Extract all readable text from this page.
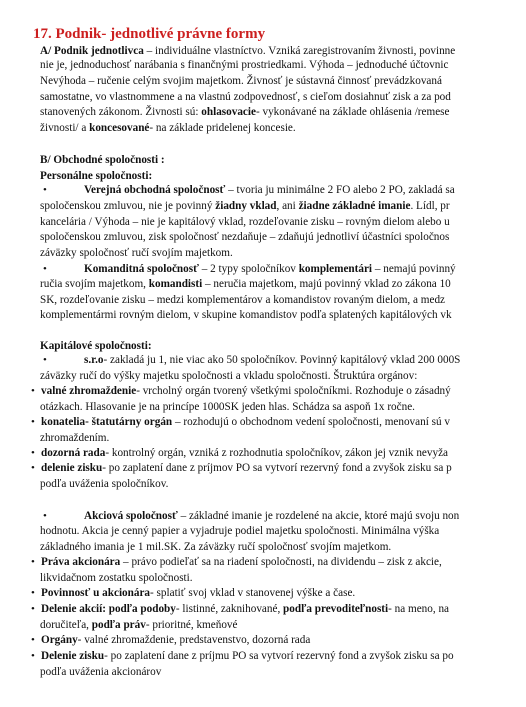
17. Podnik- jednotlivé právne formy
A/ Podnik jednotlivca – individuálne vlastníctvo. Vzniká zaregistrovaním živnosti, povinne
nie je, jednoduchosť narábania s finančnými prostriedkami. Výhoda – jednoduché účtovnic
Nevýhoda – ručenie celým svojim majetkom. Živnosť je sústavná činnosť prevádzkovaná
samostatne, vo vlastnommene a na vlastnú zodpovednosť, s cieľom dosiahnuť zisk a za pod
stanovených zákonom. Živnosti sú: ohlasovacie- vykonávané na základe ohlásenia /remese
živnosti/ a koncesované- na základe pridelenej koncesie.
B/ Obchodné spoločnosti :
Personálne spoločnosti:
•	Verejná obchodná spoločnosť – tvoria ju minimálne 2 FO alebo 2 PO, zakladá sa
spoločenskou zmluvou, nie je povinný žiadny vklad, ani žiadne základné imanie. Lídl, pr
kancelária / Výhoda – nie je kapitálový vklad, rozdeľovanie zisku – rovným dielom alebo u
spoločenskou zmluvou, zisk spoločnosť nezdaňuje – zdaňujú jednotliví účastníci spoločnos
záväzky spoločnosť ručí svojím majetkom.
•	Komanditná spoločnosť – 2 typy spoločníkov komplementári – nemajú povinný
ručia svojím majetkom, komandisti – neručia majetkom, majú povinný vklad zo zákona 10
SK, rozdeľovanie zisku – medzi komplementárov a komandistov rovaným dielom, a medz
komplementármi rovným dielom, v skupine komandistov podľa splatených kapitálových vk
Kapitálové spoločnosti:
•	s.r.o- zakladá ju 1, nie viac ako 50 spoločníkov. Povinný kapitálový vklad 200 000S
záväzky ručí do výšky majetku spoločnosti a vkladu spoločnosti. Štruktúra orgánov:
• valné zhromaždenie- vrcholný orgán tvorený všetkými spoločníkmi. Rozhoduje o zásadný
otázkach. Hlasovanie je na princípe 1000SK jeden hlas. Schádza sa aspoň 1x ročne.
• konatelia- štatutárny orgán – rozhodujú o obchodnom vedení spoločnosti, menovaní sú v
zhromaždením.
• dozorná rada- kontrolný orgán, vzniká z rozhodnutia spoločníkov, zákon jej vznik nevyža
• delenie zisku- po zaplatení dane z príjmov PO sa vytvorí rezervný fond a zvyšok zisku sa p
podľa uváženia spoločníkov.
•	Akciová spoločnosť – základné imanie je rozdelené na akcie, ktoré majú svoju non
hodnotu. Akcia je cenný papier a vyjadruje podiel majetku spoločnosti. Minimálna výška
základného imania je 1 mil.SK. Za záväzky ručí spoločnosť svojím majetkom.
• Práva akcionára – právo podieľať sa na riadení spoločnosti, na dividendu – zisk z akcie,
likvidačnom zostatku spoločnosti.
• Povinnosť u akcionára- splatiť svoj vklad v stanovenej výške a čase.
• Delenie akcií: podľa podoby- listinné, zaknihované, podľa prevoditeľnosti- na meno, na
doručiteľa, podľa práv- prioritné, kmeňové
• Orgány- valné zhromaždenie, predstavenstvo, dozorná rada
• Delenie zisku- po zaplatení dane z príjmu PO sa vytvorí rezervný fond a zvyšok zisku sa po
podľa uváženia akcionárov
